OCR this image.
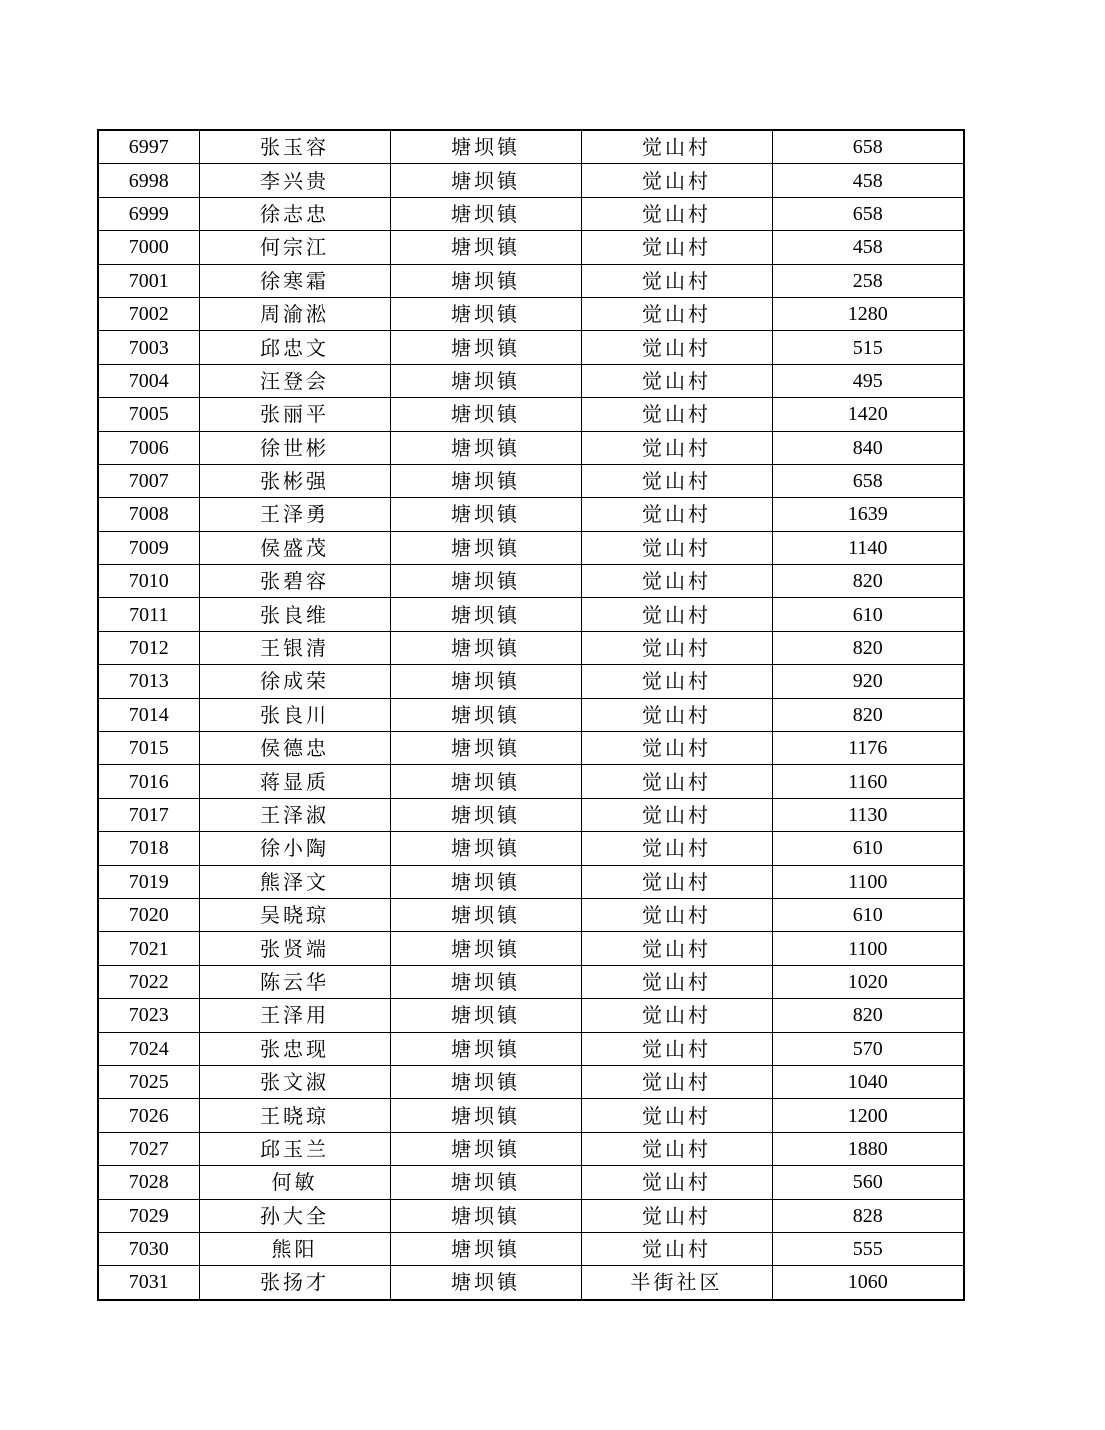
6997	张玉容	塘坝镇	觉山村	658
6998	李兴贵	塘坝镇	觉山村	458
6999	徐志忠	塘坝镇	觉山村	658
7000	何宗江	塘坝镇	觉山村	458
7001	徐寒霜	塘坝镇	觉山村	258
7002	周渝淞	塘坝镇	觉山村	1280
7003	邱忠文	塘坝镇	觉山村	515
7004	汪登会	塘坝镇	觉山村	495
7005	张丽平	塘坝镇	觉山村	1420
7006	徐世彬	塘坝镇	觉山村	840
7007	张彬强	塘坝镇	觉山村	658
7008	王泽勇	塘坝镇	觉山村	1639
7009	侯盛茂	塘坝镇	觉山村	1140
7010	张碧容	塘坝镇	觉山村	820
7011	张良维	塘坝镇	觉山村	610
7012	王银清	塘坝镇	觉山村	820
7013	徐成荣	塘坝镇	觉山村	920
7014	张良川	塘坝镇	觉山村	820
7015	侯德忠	塘坝镇	觉山村	1176
7016	蒋显质	塘坝镇	觉山村	1160
7017	王泽淑	塘坝镇	觉山村	1130
7018	徐小陶	塘坝镇	觉山村	610
7019	熊泽文	塘坝镇	觉山村	1100
7020	吴晓琼	塘坝镇	觉山村	610
7021	张贤端	塘坝镇	觉山村	1100
7022	陈云华	塘坝镇	觉山村	1020
7023	王泽用	塘坝镇	觉山村	820
7024	张忠现	塘坝镇	觉山村	570
7025	张文淑	塘坝镇	觉山村	1040
7026	王晓琼	塘坝镇	觉山村	1200
7027	邱玉兰	塘坝镇	觉山村	1880
7028	何敏	塘坝镇	觉山村	560
7029	孙大全	塘坝镇	觉山村	828
7030	熊阳	塘坝镇	觉山村	555
7031	张扬才	塘坝镇	半街社区	1060
